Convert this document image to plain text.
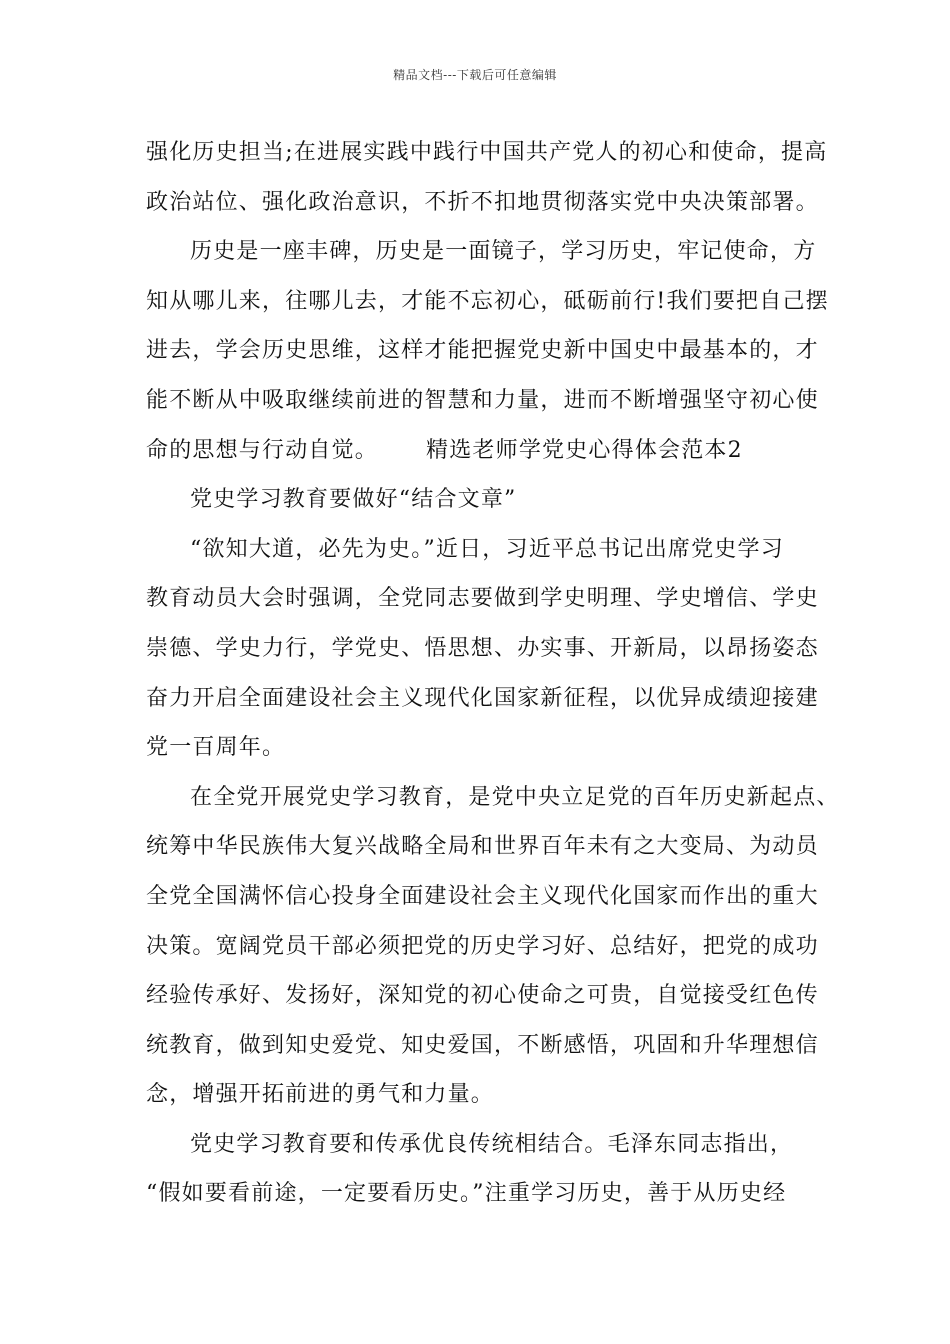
精品文档---下载后可任意编辑
强化历史担当;在进展实践中践行中国共产党人的初心和使命，提高
政治站位、强化政治意识，不折不扣地贯彻落实党中央决策部署。
历史是一座丰碑，历史是一面镜子，学习历史，牢记使命，方
知从哪儿来，往哪儿去，才能不忘初心，砥砺前行!我们要把自己摆
进去，学会历史思维，这样才能把握党史新中国史中最基本的，才
能不断从中吸取继续前进的智慧和力量，进而不断增强坚守初心使
命的思想与行动自觉。 精选老师学党史心得体会范本2
党史学习教育要做好“结合文章”
“欲知大道，必先为史。”近日，习近平总书记出席党史学习
教育动员大会时强调，全党同志要做到学史明理、学史增信、学史
崇德、学史力行，学党史、悟思想、办实事、开新局，以昂扬姿态
奋力开启全面建设社会主义现代化国家新征程，以优异成绩迎接建
党一百周年。
在全党开展党史学习教育，是党中央立足党的百年历史新起点、
统筹中华民族伟大复兴战略全局和世界百年未有之大变局、为动员
全党全国满怀信心投身全面建设社会主义现代化国家而作出的重大
决策。宽阔党员干部必须把党的历史学习好、总结好，把党的成功
经验传承好、发扬好，深知党的初心使命之可贵，自觉接受红色传
统教育，做到知史爱党、知史爱国，不断感悟，巩固和升华理想信
念，增强开拓前进的勇气和力量。
党史学习教育要和传承优良传统相结合。毛泽东同志指出，
“假如要看前途，一定要看历史。”注重学习历史，善于从历史经
